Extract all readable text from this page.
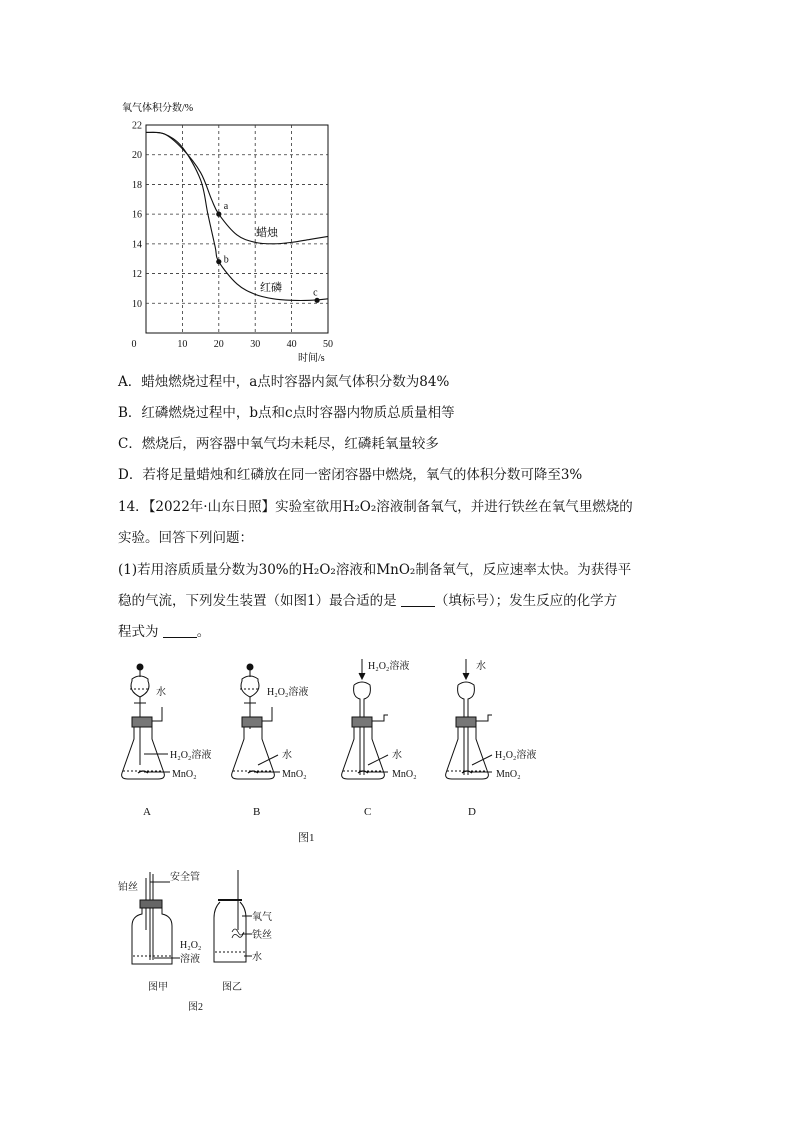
氧气体积分数/%
0	10	20	30	40	50
10
12
14
16
18
20
22
a
b
c
蜡烛
红磷
时间/s
A．蜡烛燃烧过程中，a点时容器内氮气体积分数为84%
B．红磷燃烧过程中，b点和c点时容器内物质总质量相等
C．燃烧后，两容器中氧气均未耗尽，红磷耗氧量较多
D．若将足量蜡烛和红磷放在同一密闭容器中燃烧，氧气的体积分数可降至3%
14．【2022年·山东日照】实验室欲用H₂O₂溶液制备氧气，并进行铁丝在氧气里燃烧的
实验。回答下列问题：
(1)若用溶质质量分数为30%的H₂O₂溶液和MnO₂制备氧气，反应速率太快。为获得平
稳的气流，下列发生装置（如图1）最合适的是	（填标号）；发生反应的化学方
程式为	。
水
H₂O₂溶液
MnO₂
A
H₂O₂溶液
水
MnO₂
B
H₂O₂溶液
水
MnO₂
C
水
H₂O₂溶液
MnO₂
D
图1
铂丝
安全管
H₂O₂
溶液
氧气
铁丝
水
图甲	图乙
图2
